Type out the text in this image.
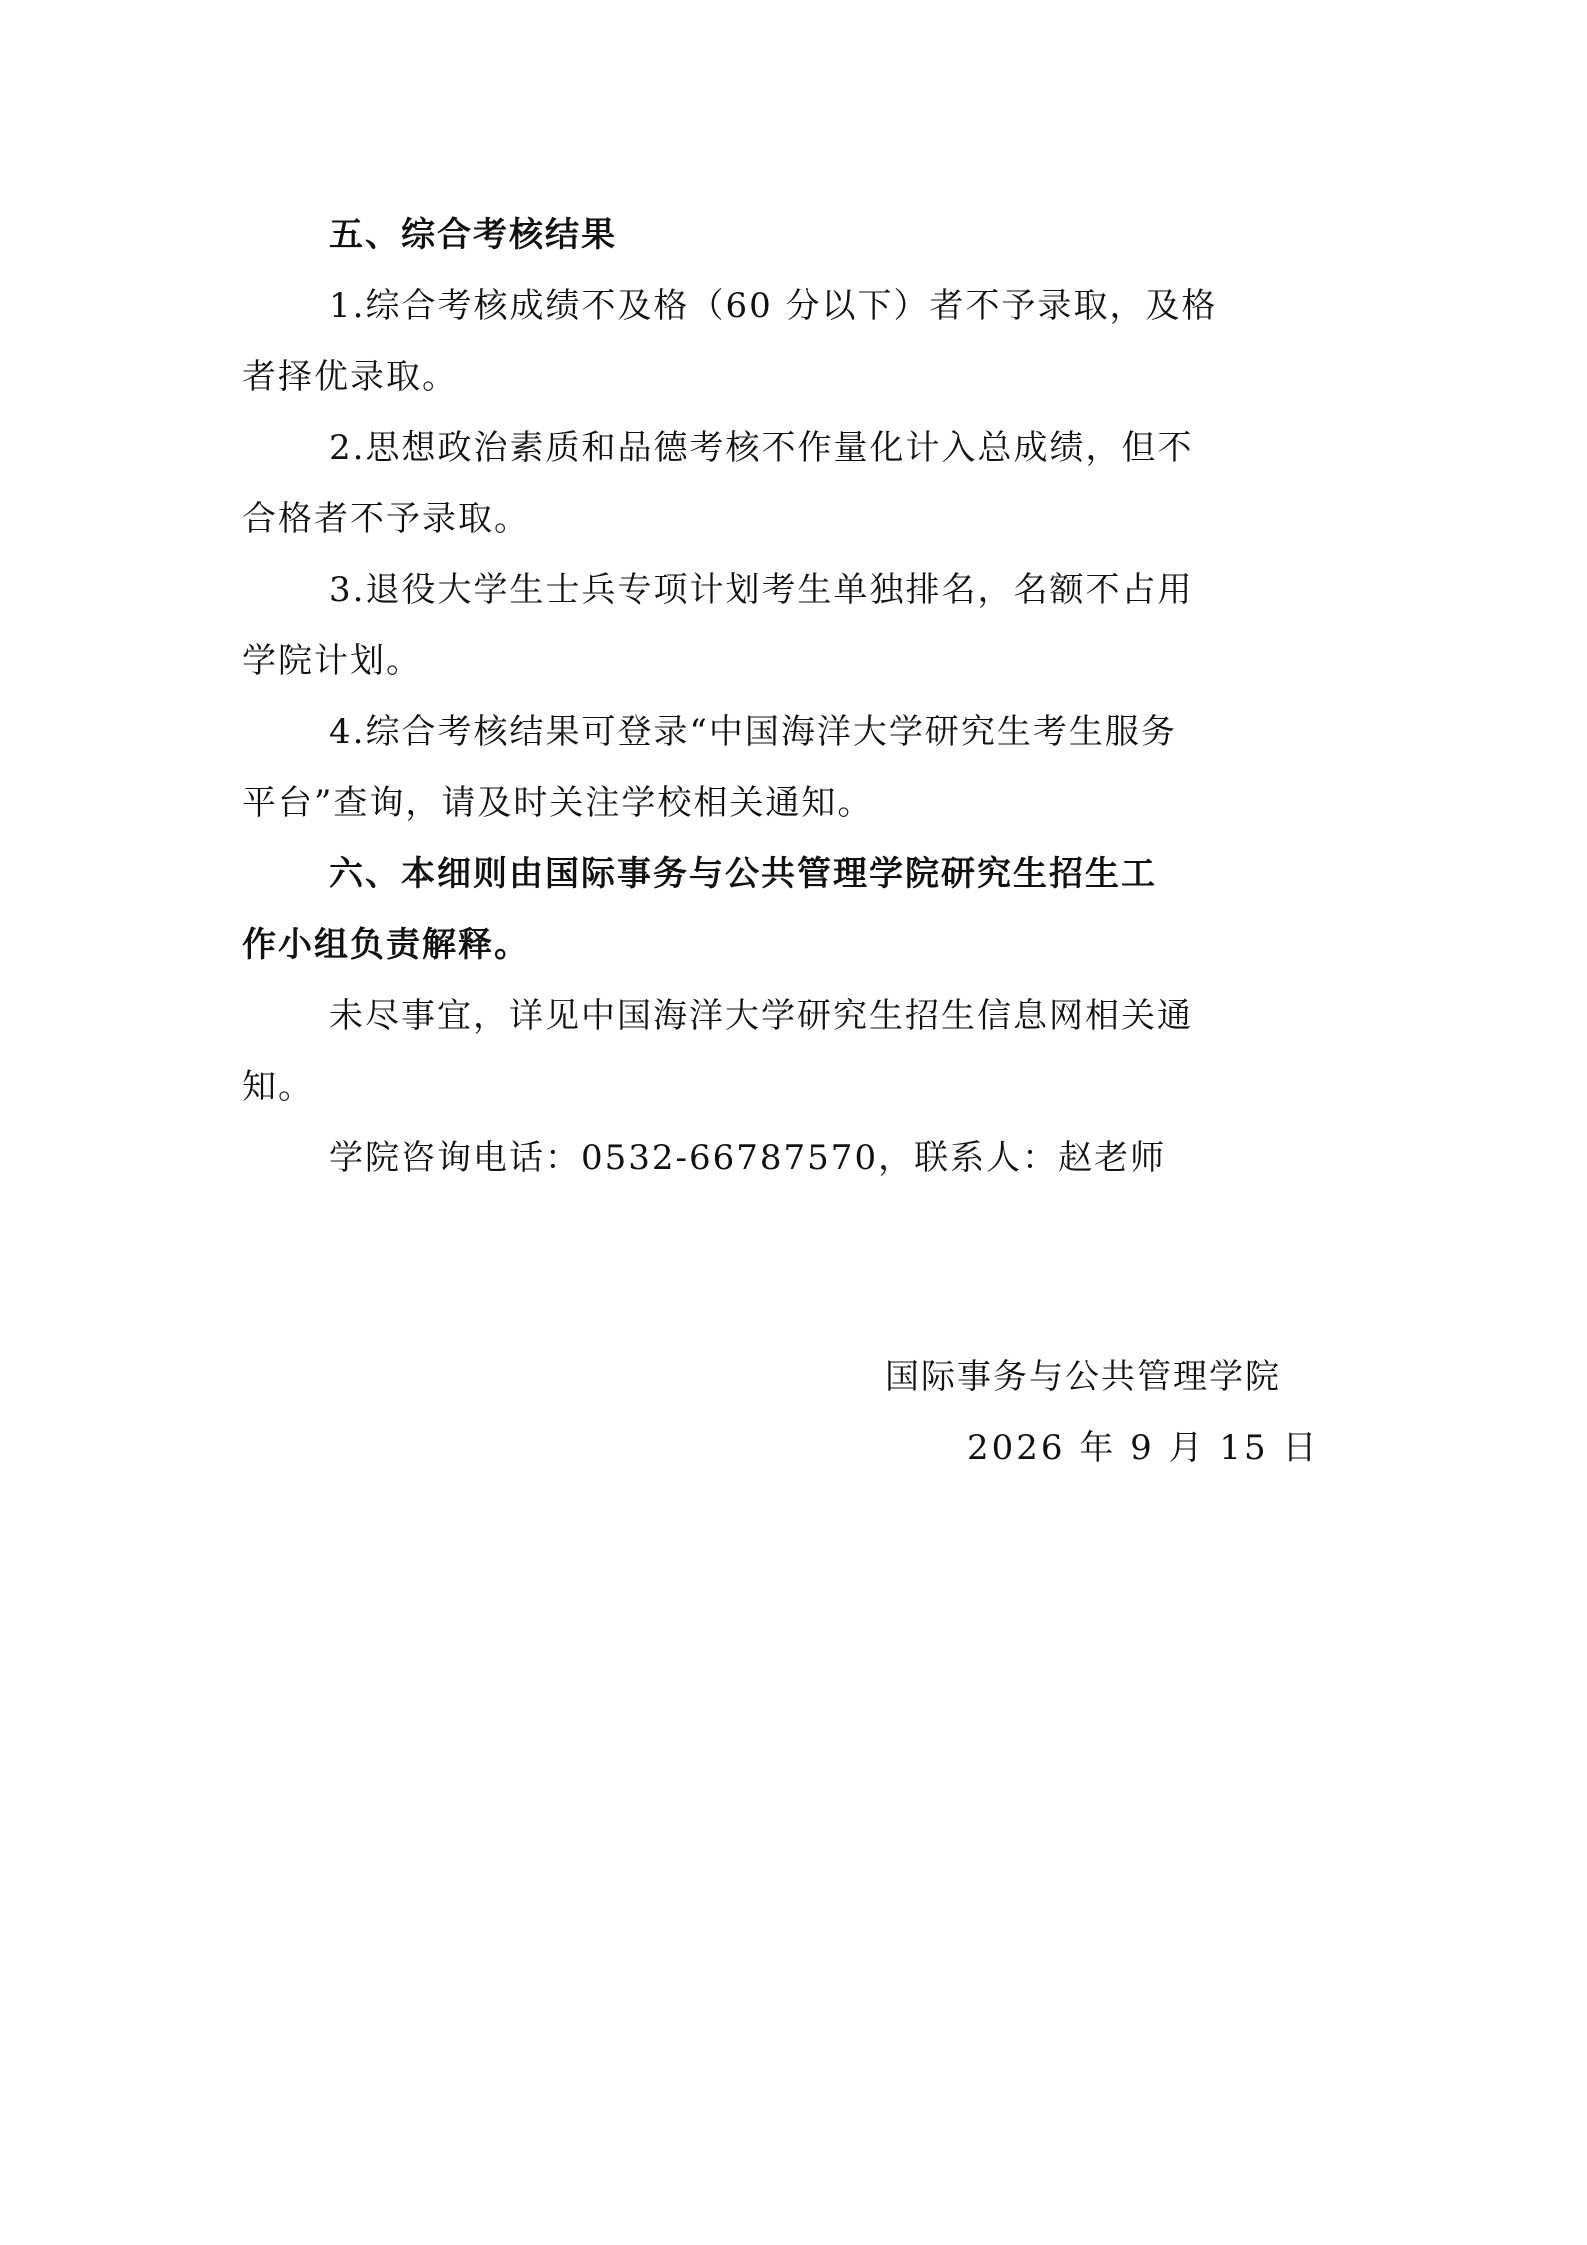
五、综合考核结果
1.综合考核成绩不及格（60 分以下）者不予录取，及格
者择优录取。
2.思想政治素质和品德考核不作量化计入总成绩，但不
合格者不予录取。
3.退役大学生士兵专项计划考生单独排名，名额不占用
学院计划。
4.综合考核结果可登录“中国海洋大学研究生考生服务
平台”查询，请及时关注学校相关通知。
六、本细则由国际事务与公共管理学院研究生招生工
作小组负责解释。
未尽事宜，详见中国海洋大学研究生招生信息网相关通
知。
学院咨询电话：0532-66787570，联系人：赵老师
国际事务与公共管理学院
2026 年 9 月 15 日
